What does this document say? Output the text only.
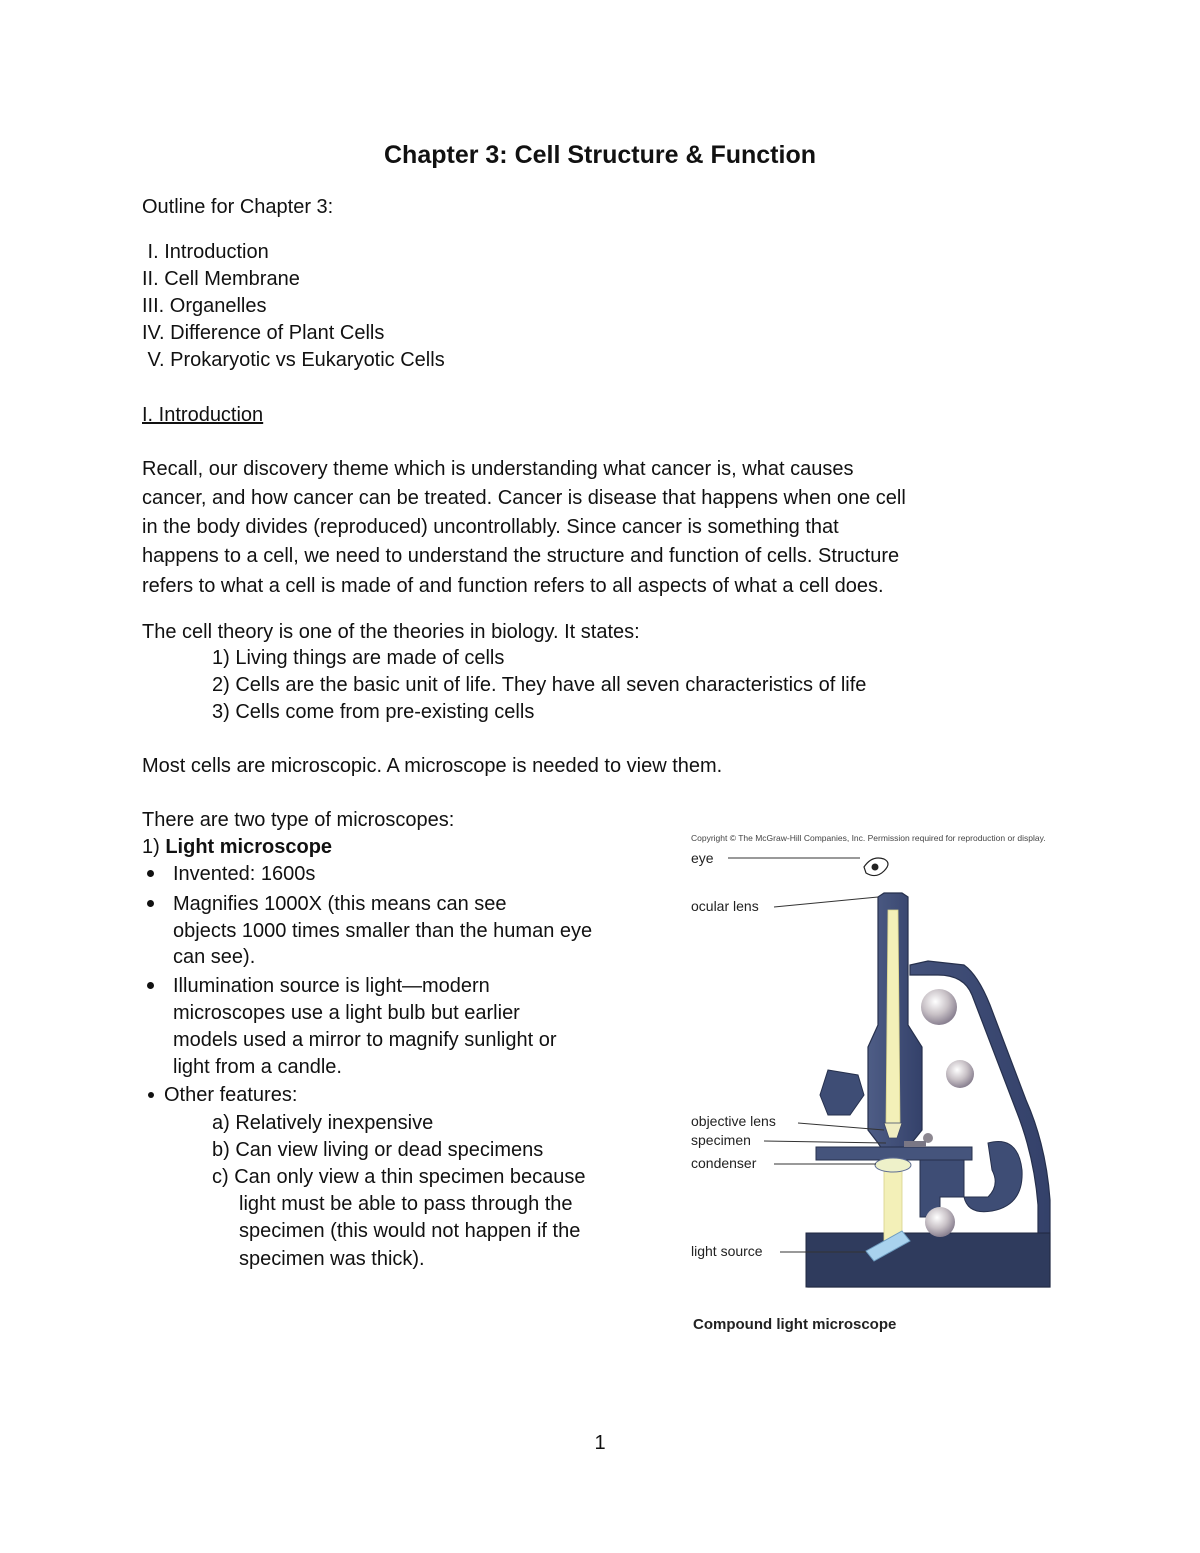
Chapter 3: Cell Structure & Function
Outline for Chapter 3:
I. Introduction
II. Cell Membrane
III. Organelles
IV. Difference of Plant Cells
V. Prokaryotic vs Eukaryotic Cells
I. Introduction
Recall, our discovery theme which is understanding what cancer is, what causes
cancer, and how cancer can be treated. Cancer is disease that happens when one cell
in the body divides (reproduced) uncontrollably. Since cancer is something that
happens to a cell, we need to understand the structure and function of cells. Structure
refers to what a cell is made of and function refers to all aspects of what a cell does.
The cell theory is one of the theories in biology. It states:
1) Living things are made of cells
2) Cells are the basic unit of life. They have all seven characteristics of life
3) Cells come from pre-existing cells
Most cells are microscopic. A microscope is needed to view them.
There are two type of microscopes:
1) Light microscope
Invented: 1600s
Magnifies 1000X (this means can see
objects 1000 times smaller than the human eye
can see).
Illumination source is light—modern
microscopes use a light bulb but earlier
models used a mirror to magnify sunlight or
light from a candle.
Other features:
a) Relatively inexpensive
b) Can view living or dead specimens
c) Can only view a thin specimen because
light must be able to pass through the
specimen (this would not happen if the
specimen was thick).
Copyright © The McGraw-Hill Companies, Inc. Permission required for reproduction or display.
eye
ocular lens
objective lens
specimen
condenser
light source
Compound light microscope
1
